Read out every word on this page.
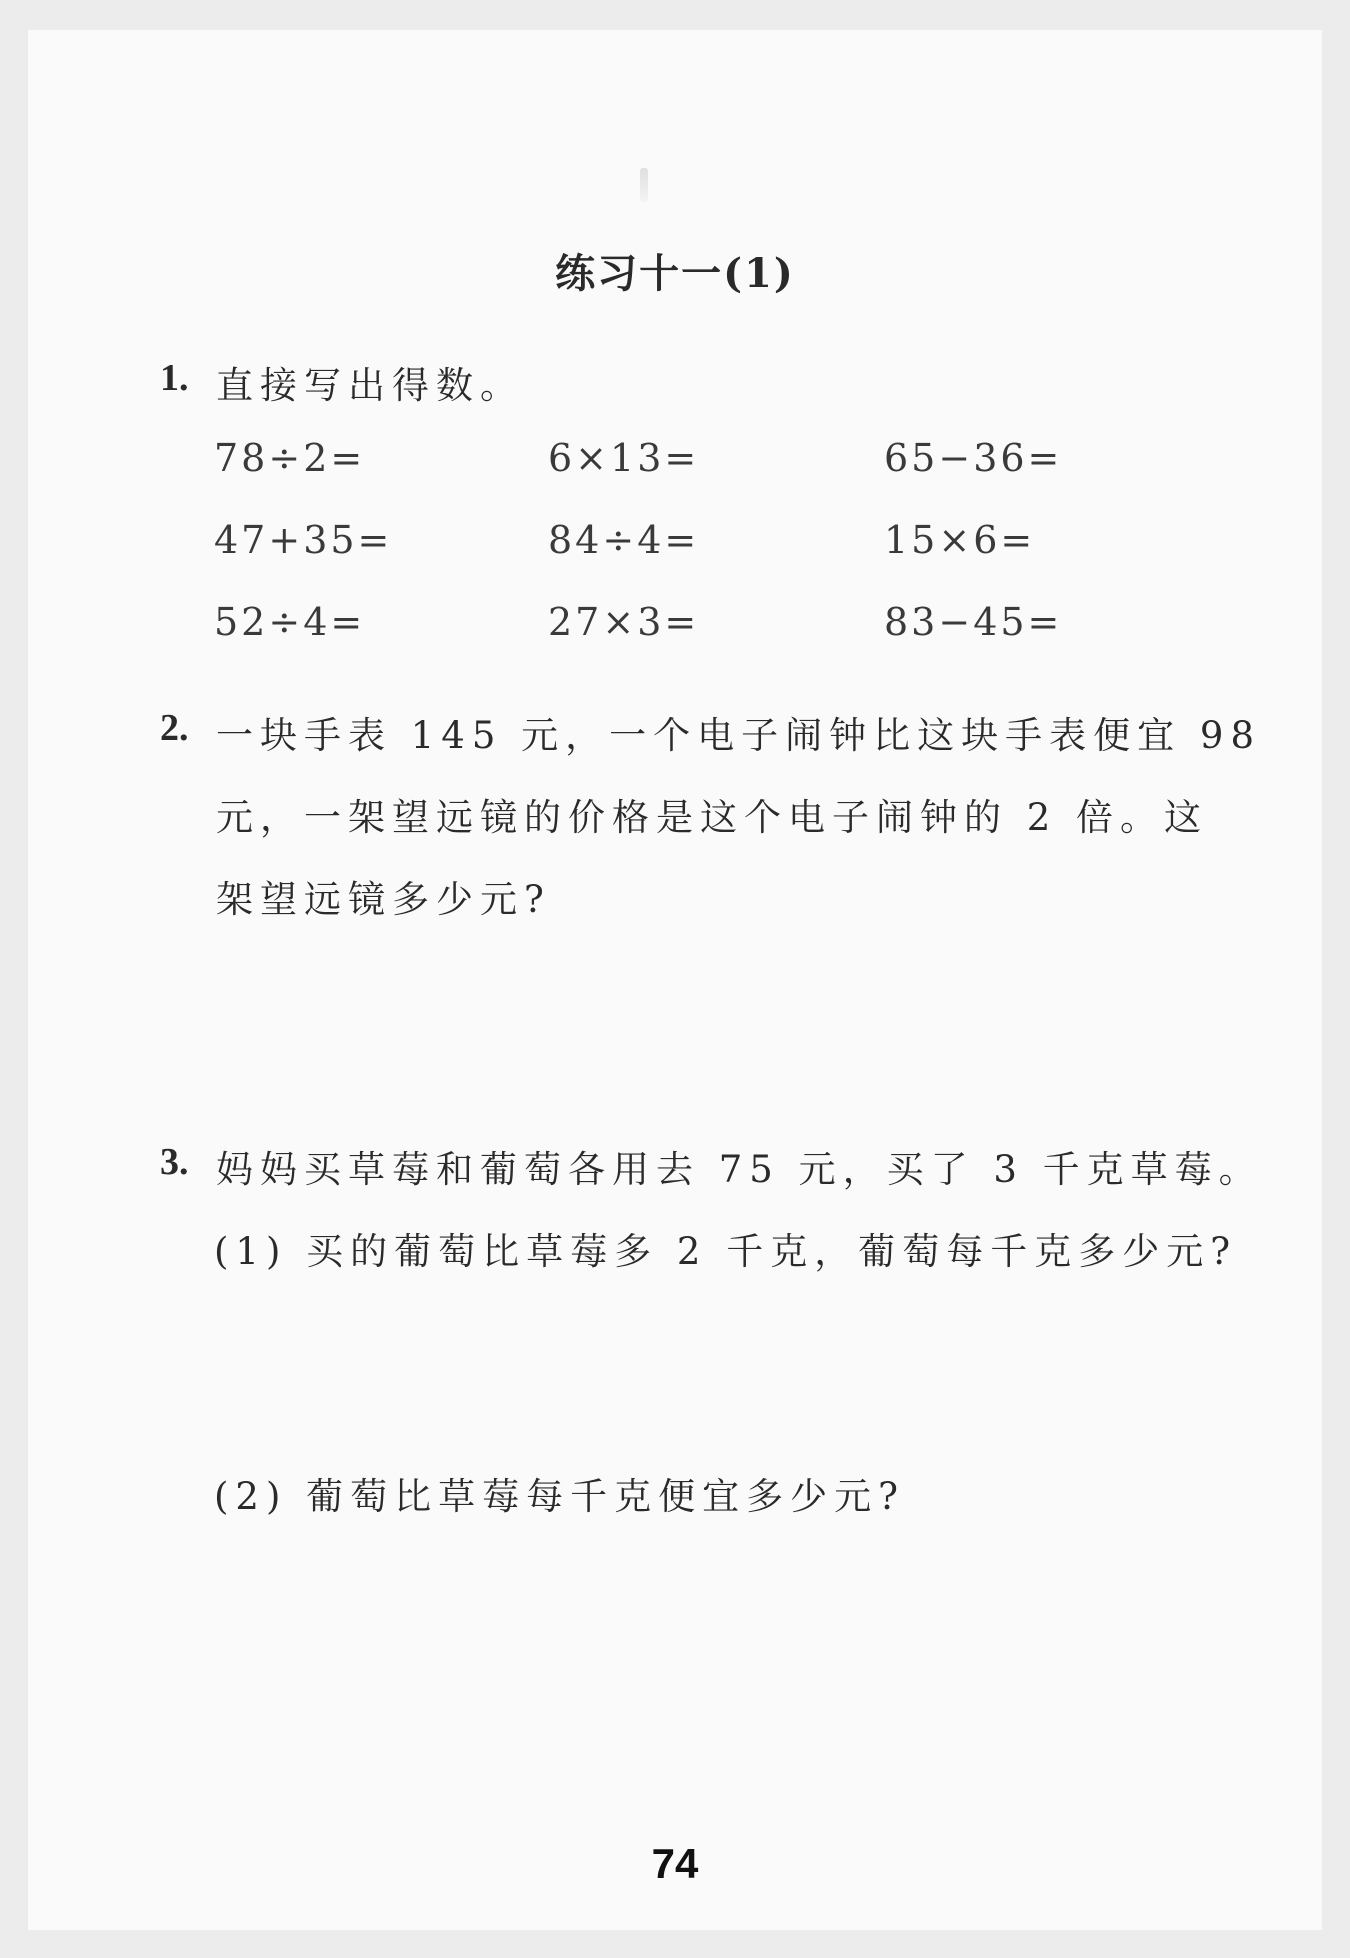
练习十一(1)
1. 直接写出得数。
78÷2=	6×13=	65−36=
47+35=	84÷4=	15×6=
52÷4=	27×3=	83−45=
2. 一块手表 145 元，一个电子闹钟比这块手表便宜 98
元，一架望远镜的价格是这个电子闹钟的 2 倍。这
架望远镜多少元?
3. 妈妈买草莓和葡萄各用去 75 元，买了 3 千克草莓。
(1) 买的葡萄比草莓多 2 千克，葡萄每千克多少元?
(2) 葡萄比草莓每千克便宜多少元?
74
